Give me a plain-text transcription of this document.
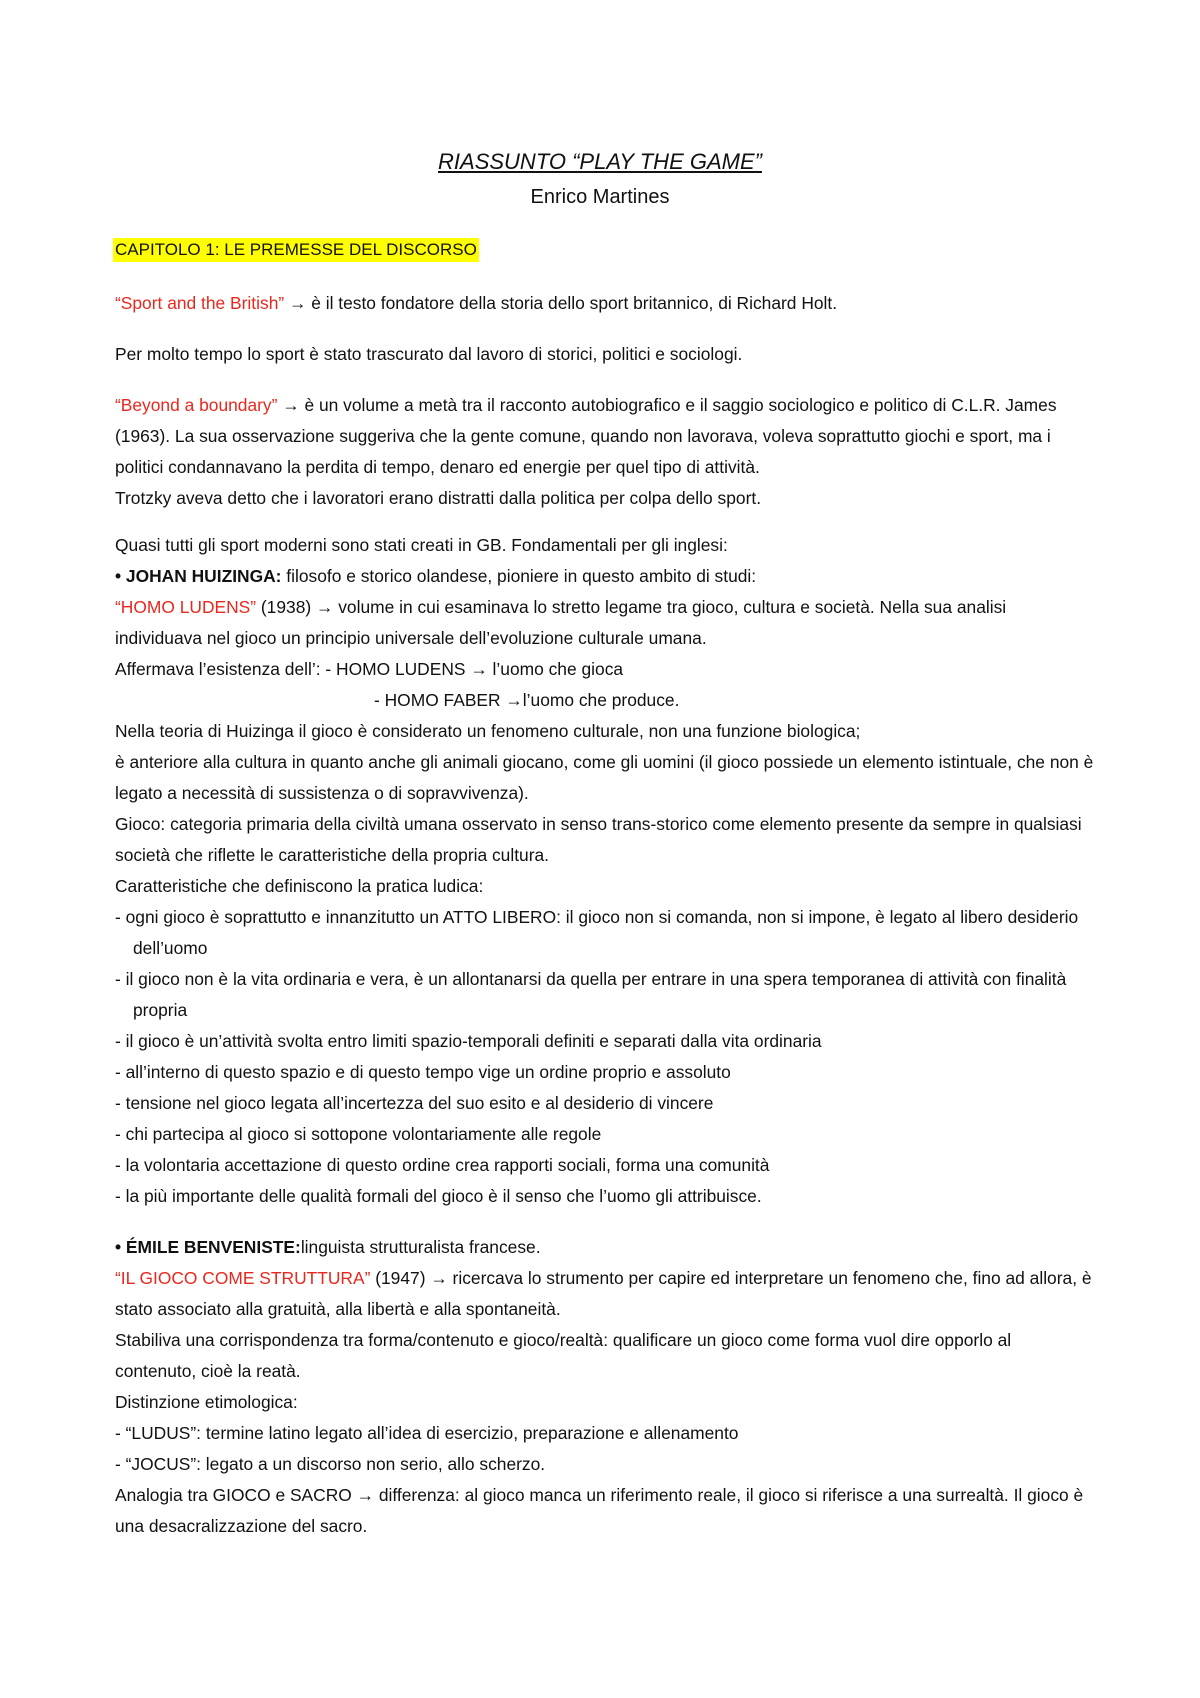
RIASSUNTO “PLAY THE GAME”
Enrico Martines
CAPITOLO 1: LE PREMESSE DEL DISCORSO

“Sport and the British” → è il testo fondatore della storia dello sport britannico, di Richard Holt.

Per molto tempo lo sport è stato trascurato dal lavoro di storici, politici e sociologi.

“Beyond a boundary” → è un volume a metà tra il racconto autobiografico e il saggio sociologico e politico di C.L.R. James (1963). La sua osservazione suggeriva che la gente comune, quando non lavorava, voleva soprattutto giochi e sport, ma i politici condannavano la perdita di tempo, denaro ed energie per quel tipo di attività.

Trotzky aveva detto che i lavoratori erano distratti dalla politica per colpa dello sport.

Quasi tutti gli sport moderni sono stati creati in GB. Fondamentali per gli inglesi:

• JOHAN HUIZINGA: filosofo e storico olandese, pioniere in questo ambito di studi:

“HOMO LUDENS” (1938) → volume in cui esaminava lo stretto legame tra gioco, cultura e società. Nella sua analisi individuava nel gioco un principio universale dell’evoluzione culturale umana.

Affermava l’esistenza dell’: - HOMO LUDENS → l’uomo che gioca

- HOMO FABER →l’uomo che produce.

Nella teoria di Huizinga il gioco è considerato un fenomeno culturale, non una funzione biologica;

è anteriore alla cultura in quanto anche gli animali giocano, come gli uomini (il gioco possiede un elemento istintuale, che non è legato a necessità di sussistenza o di sopravvivenza).

Gioco: categoria primaria della civiltà umana osservato in senso trans-storico come elemento presente da sempre in qualsiasi società che riflette le caratteristiche della propria cultura.

Caratteristiche che definiscono la pratica ludica:

- ogni gioco è soprattutto e innanzitutto un ATTO LIBERO: il gioco non si comanda, non si impone, è legato al libero desiderio dell’uomo

- il gioco non è la vita ordinaria e vera, è un allontanarsi da quella per entrare in una spera temporanea di attività con finalità propria

- il gioco è un’attività svolta entro limiti spazio-temporali definiti e separati dalla vita ordinaria

- all’interno di questo spazio e di questo tempo vige un ordine proprio e assoluto

- tensione nel gioco legata all’incertezza del suo esito e al desiderio di vincere

- chi partecipa al gioco si sottopone volontariamente alle regole

- la volontaria accettazione di questo ordine crea rapporti sociali, forma una comunità

- la più importante delle qualità formali del gioco è il senso che l’uomo gli attribuisce.

• ÉMILE BENVENISTE:linguista strutturalista francese.

“IL GIOCO COME STRUTTURA” (1947) → ricercava lo strumento per capire ed interpretare un fenomeno che, fino ad allora, è stato associato alla gratuità, alla libertà e alla spontaneità.

Stabiliva una corrispondenza tra forma/contenuto e gioco/realtà: qualificare un gioco come forma vuol dire opporlo al contenuto, cioè la reatà.

Distinzione etimologica:

- “LUDUS”: termine latino legato all’idea di esercizio, preparazione e allenamento

- “JOCUS”: legato a un discorso non serio, allo scherzo.

Analogia tra GIOCO e SACRO → differenza: al gioco manca un riferimento reale, il gioco si riferisce a una surrealtà. Il gioco è una desacralizzazione del sacro.
